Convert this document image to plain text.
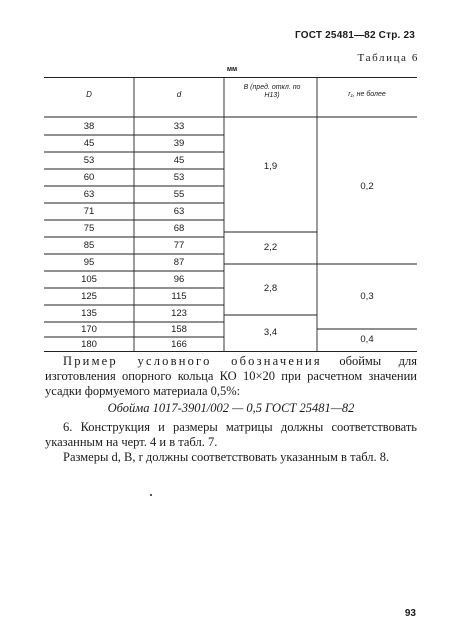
ГОСТ 25481—82 Стр. 23
Таблица 6
мм
D	d
B (пред. откл. по H13)	r₁, не более
38
45
53
60
63
71
75
85
95
105
125
135
170
180
33
39
45
53
55
63
68
77
87
96
115
123
158
166
1,9
2,2
2,8
3,4
0,2
0,3
0,4

Пример условного обозначения обоймы для изготовления опорного кольца КО 10×20 при расчетном значении усадки формуемого материала 0,5%:

Обойма 1017-3901/002 — 0,5 ГОСТ 25481—82

6. Конструкция и размеры матрицы должны соответствовать указанным на черт. 4 и в табл. 7.

Размеры d, B, r должны соответствовать указанным в табл. 8.

93
